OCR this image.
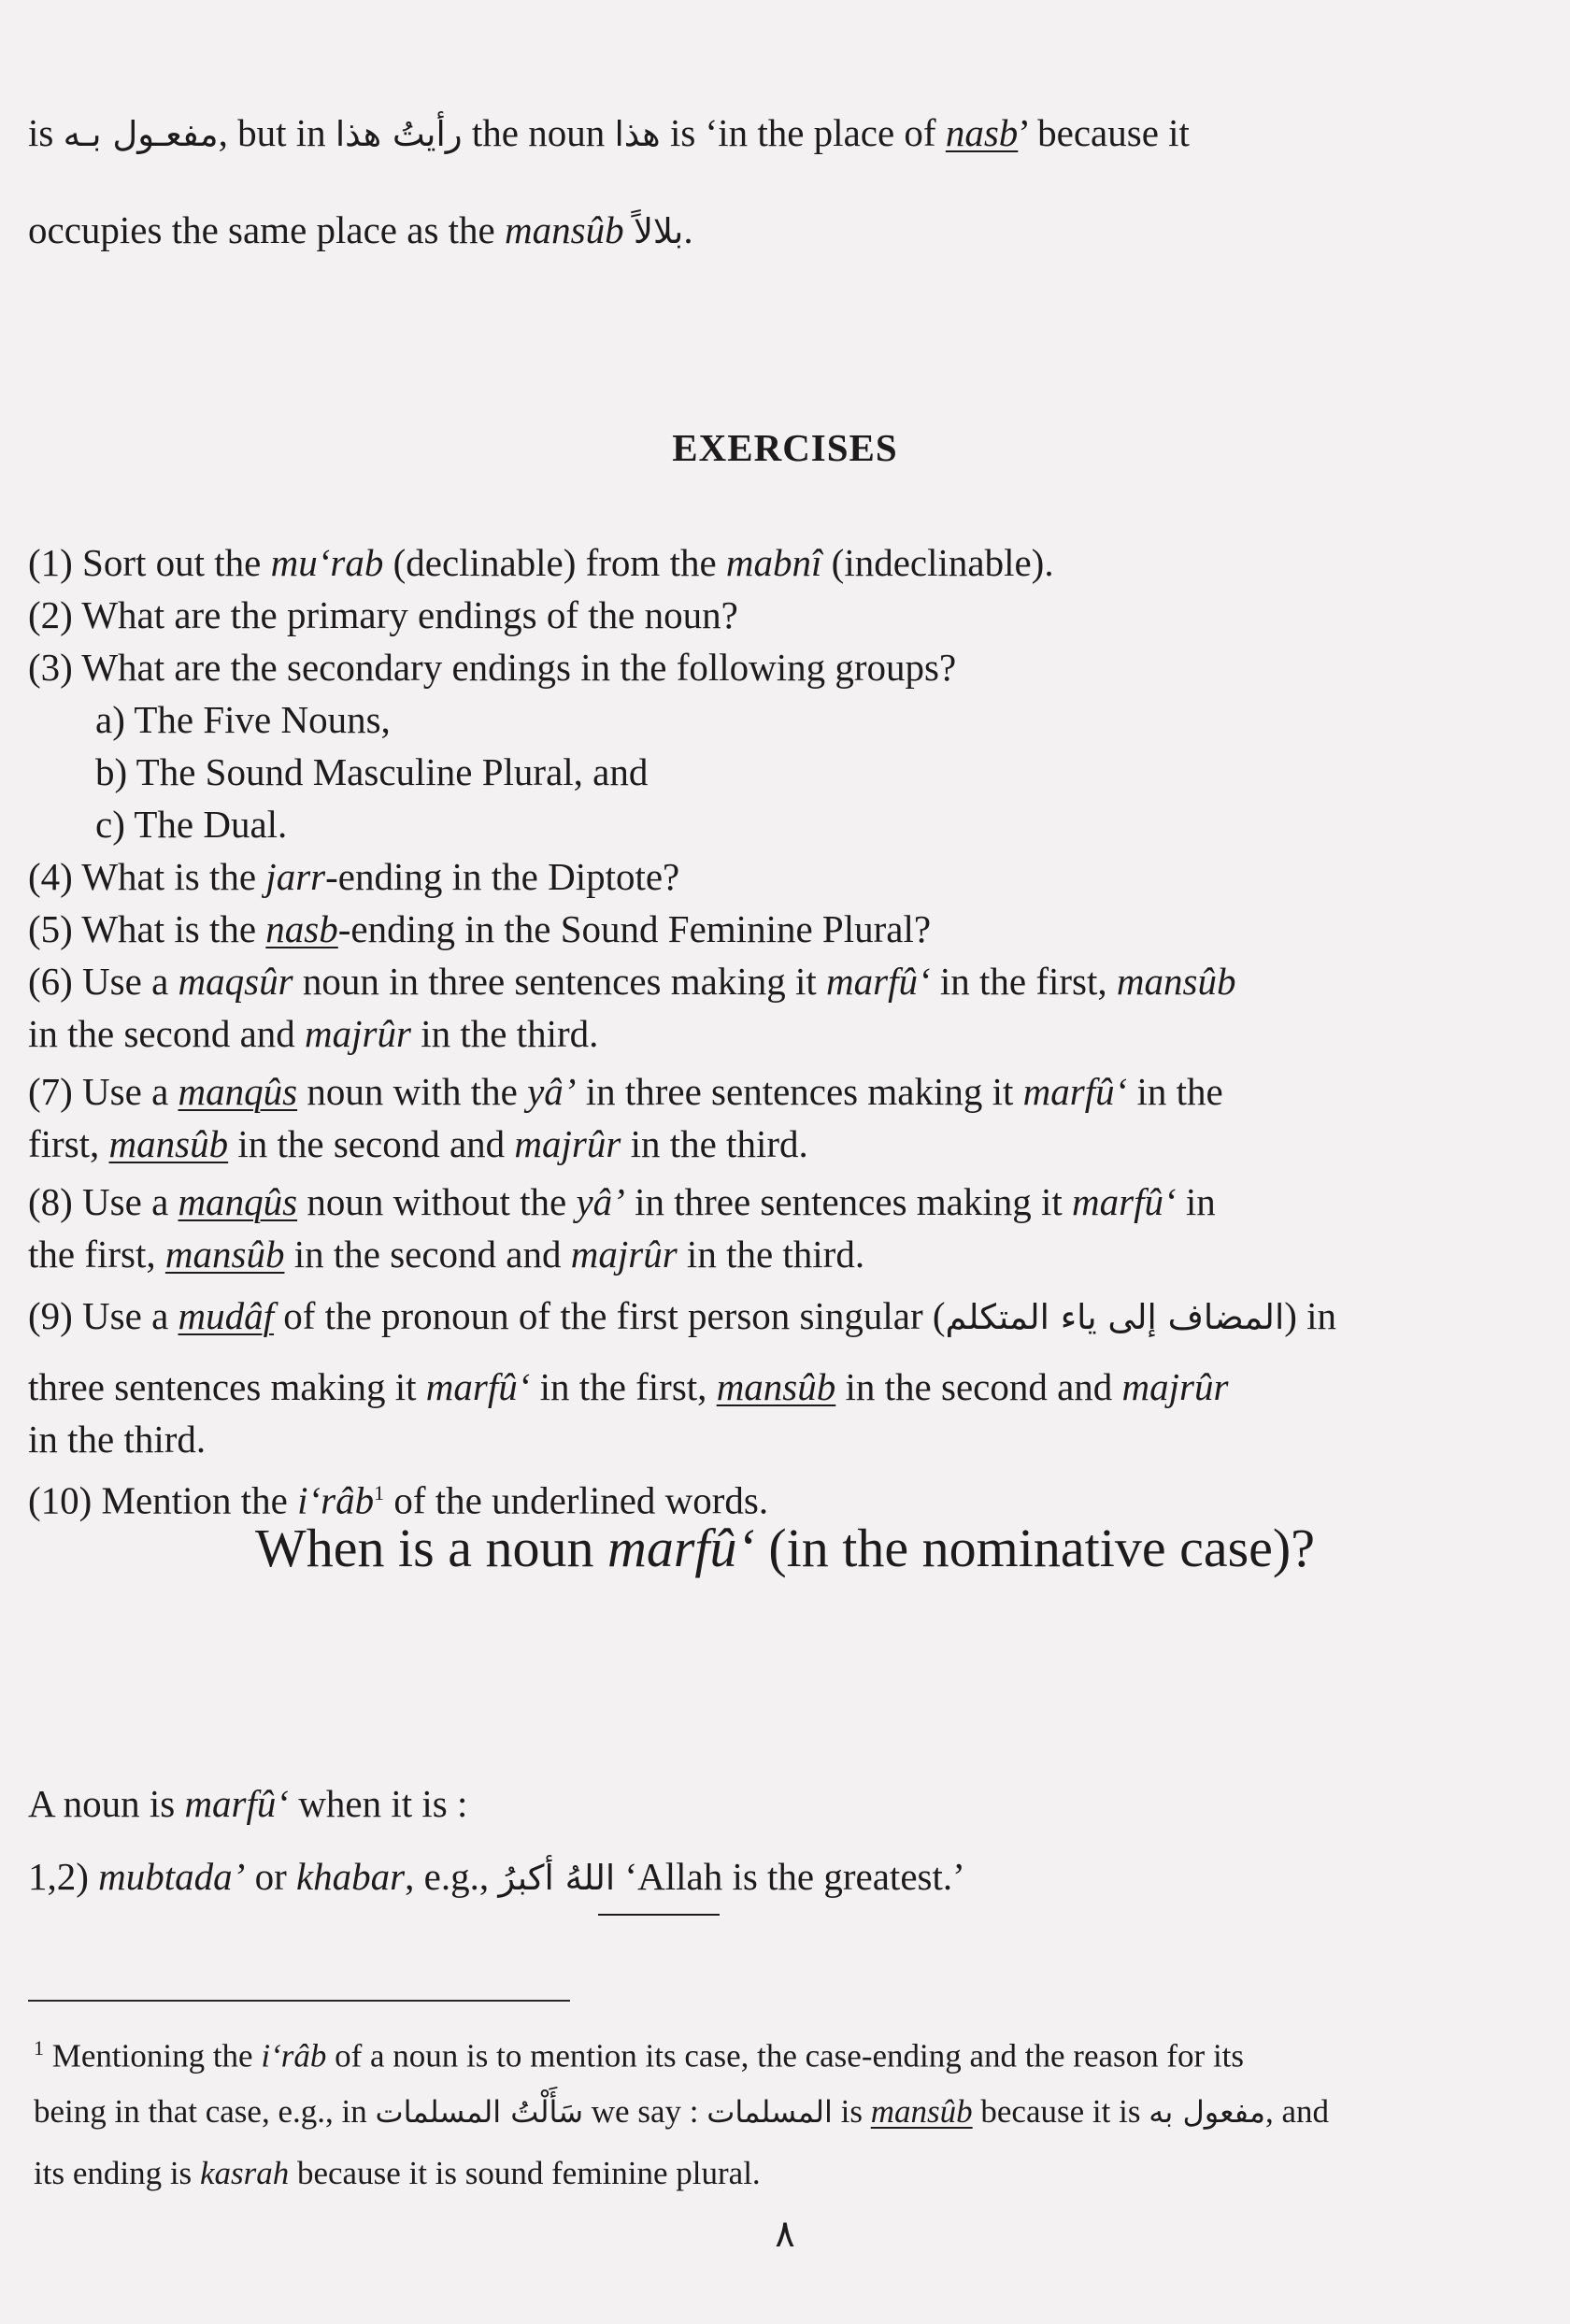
is مفعـول بـه, but in رأيتُ هذا the noun هذا is ‘in the place of nasb’ because it
occupies the same place as the mansûb بلالاً.
EXERCISES
(1) Sort out the mu‘rab (declinable) from the mabnî (indeclinable).
(2) What are the primary endings of the noun?
(3) What are the secondary endings in the following groups?
a) The Five Nouns,
b) The Sound Masculine Plural, and
c) The Dual.
(4) What is the jarr-ending in the Diptote?
(5) What is the nasb-ending in the Sound Feminine Plural?
(6) Use a maqsûr noun in three sentences making it marfû‘ in the first, mansûb
in the second and majrûr in the third.
(7) Use a manqûs noun with the yâ’ in three sentences making it marfû‘ in the
first, mansûb in the second and majrûr in the third.
(8) Use a manqûs noun without the yâ’ in three sentences making it marfû‘ in
the first, mansûb in the second and majrûr in the third.
(9) Use a mudâf of the pronoun of the first person singular (المضاف إلى ياء المتكلم) in
three sentences making it marfû‘ in the first, mansûb in the second and majrûr
in the third.
(10) Mention the i‘râb$^1$ of the underlined words.
When is a noun marfû‘ (in the nominative case)?
A noun is marfû‘ when it is :
1,2) mubtada’ or khabar, e.g., اللهُ أكبرُ ‘Allah is the greatest.’
$^1$ Mentioning the i‘râb of a noun is to mention its case, the case-ending and the reason for its
being in that case, e.g., in سَأَلْتُ المسلمات we say : المسلمات is mansûb because it is مفعول به, and
its ending is kasrah because it is sound feminine plural.
٨
